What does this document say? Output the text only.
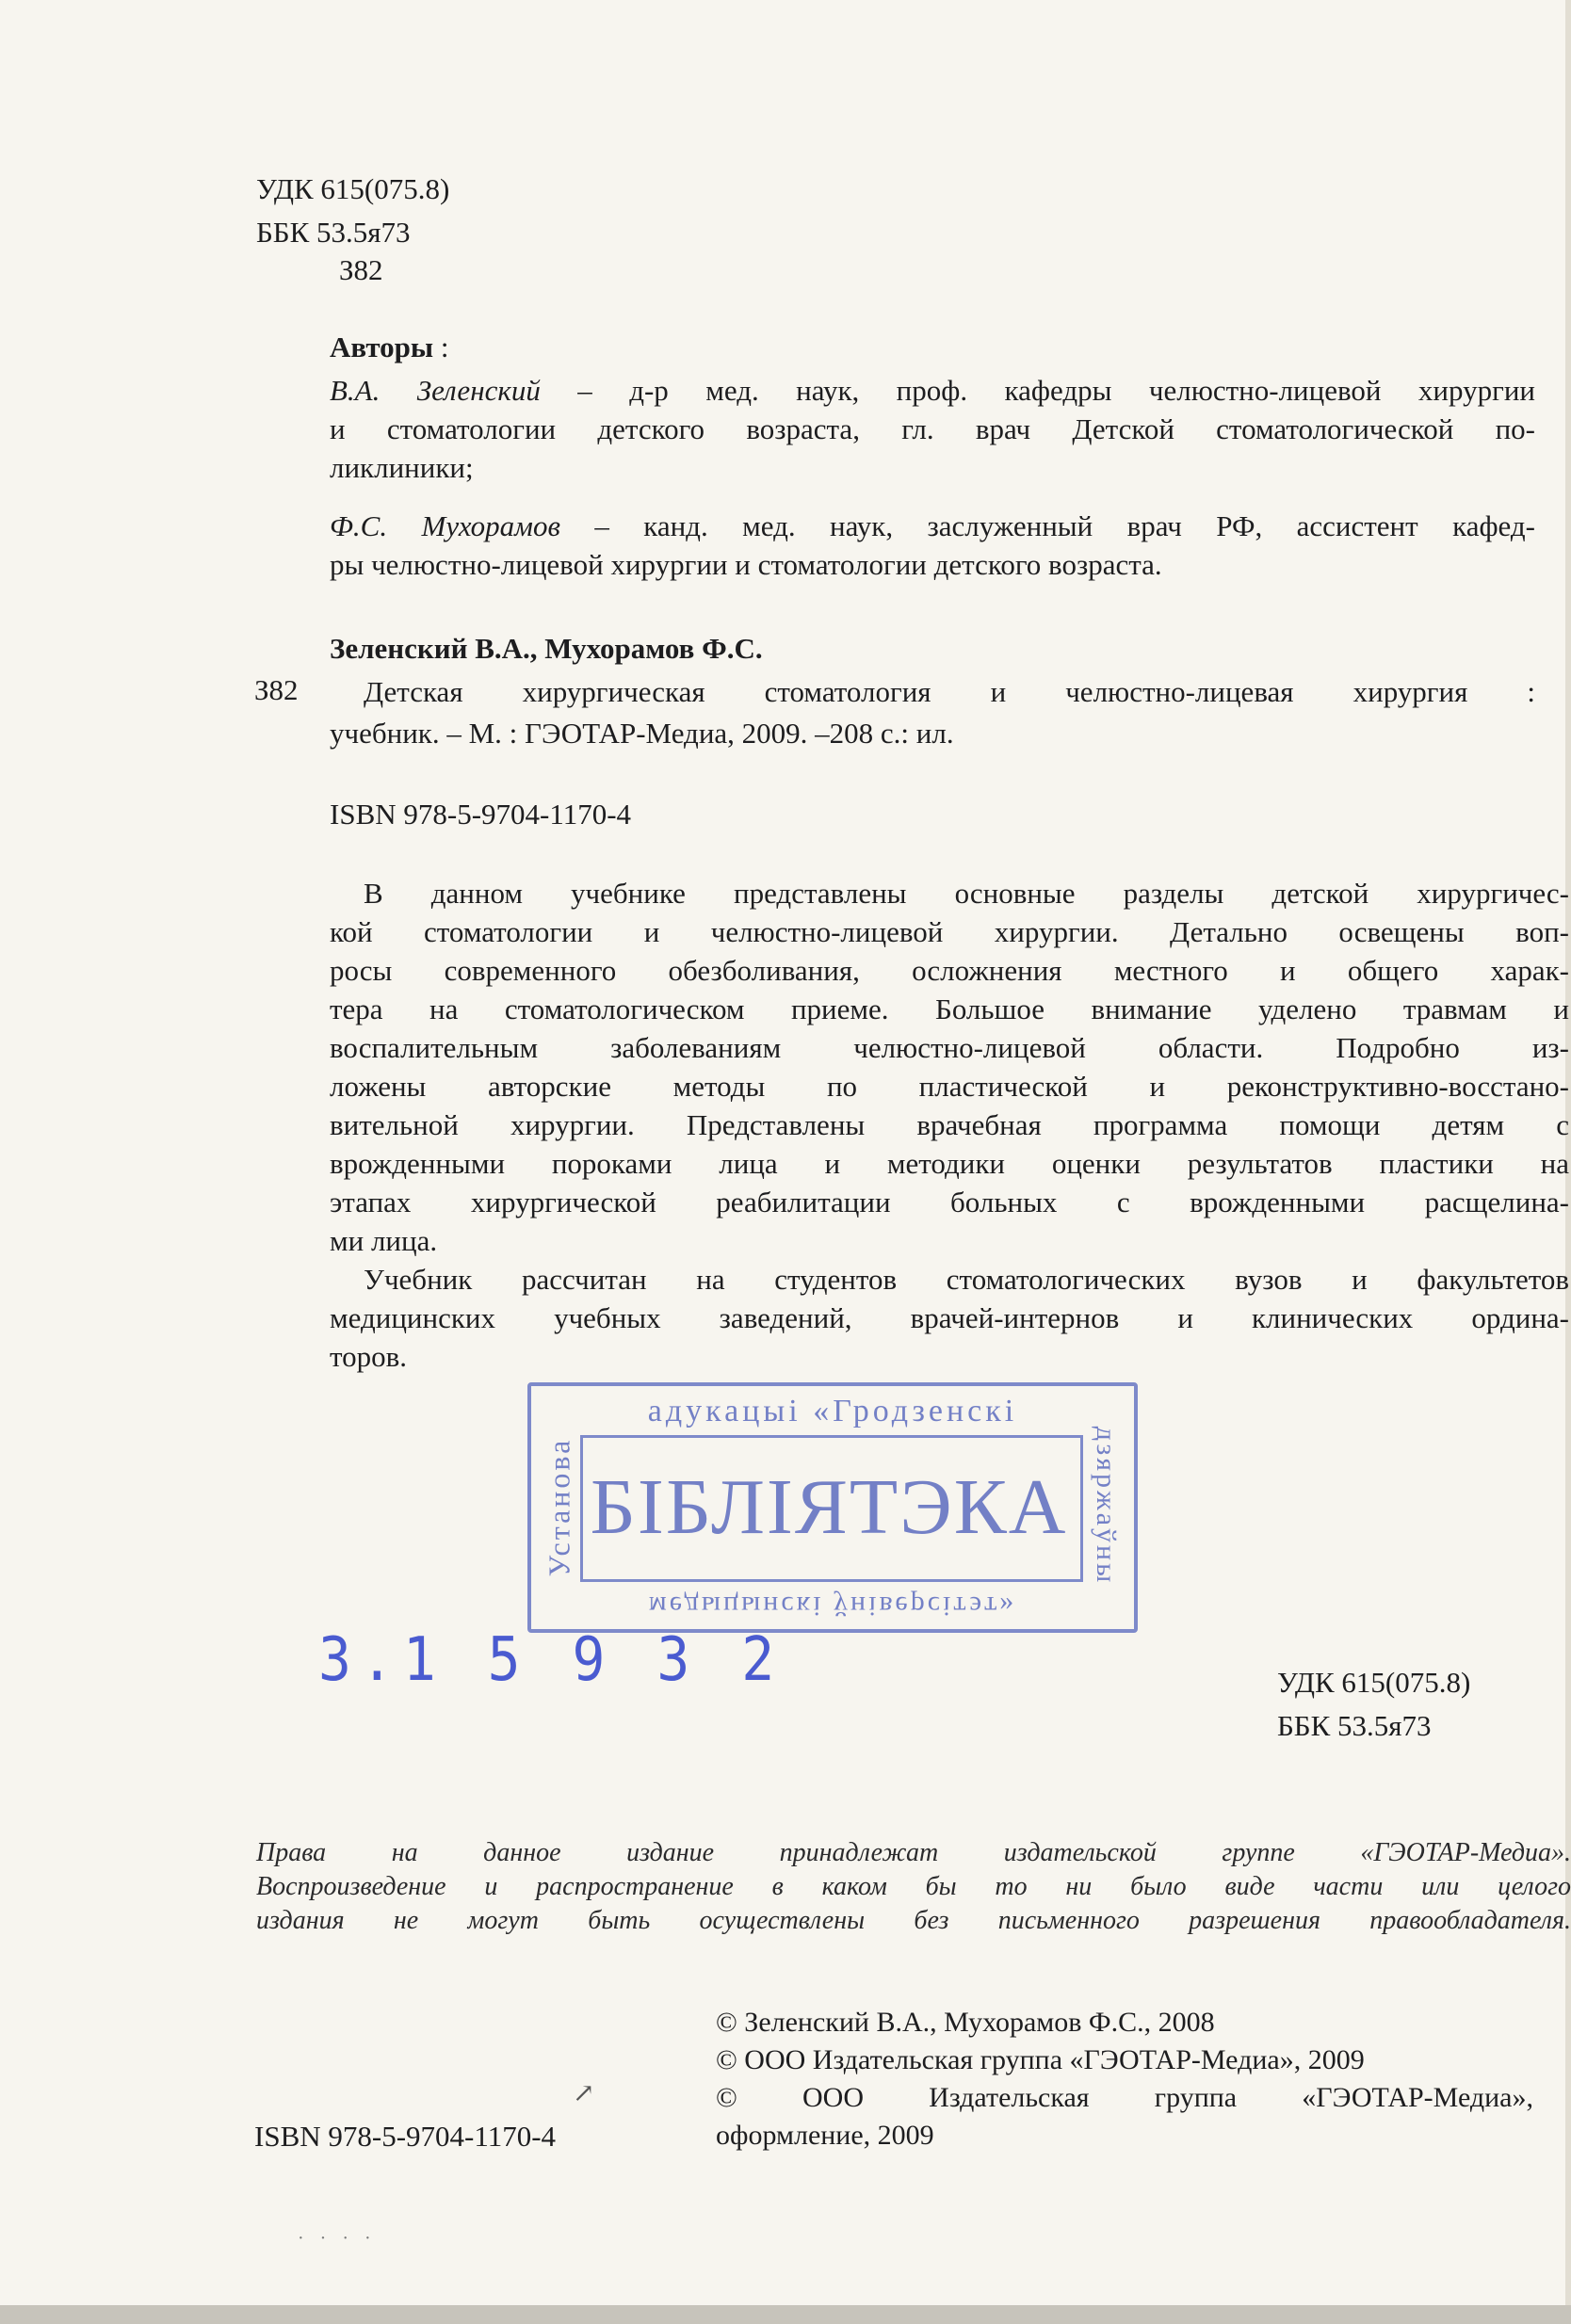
УДК 615(075.8)

ББК 53.5я73

З82

Авторы :

В.А. Зеленский – д-р мед. наук, проф. кафедры челюстно-лицевой хирургии
и стоматологии детского возраста, гл. врач Детской стоматологической по-
ликлиники;
Ф.С. Мухорамов – канд. мед. наук, заслуженный врач РФ, ассистент кафед-
ры челюстно-лицевой хирургии и стоматологии детского возраста.

Зеленский В.А., Мухорамов Ф.С.

З82 Детская хирургическая стоматология и челюстно-лицевая хирургия :
учебник. – М. : ГЭОТАР-Медиа, 2009. –208 с.: ил.

ISBN 978-5-9704-1170-4

В данном учебнике представлены основные разделы детской хирургичес-
кой стоматологии и челюстно-лицевой хирургии. Детально освещены воп-
росы современного обезболивания, осложнения местного и общего харак-
тера на стоматологическом приеме. Большое внимание уделено травмам и
воспалительным заболеваниям челюстно-лицевой области. Подробно из-
ложены авторские методы по пластической и реконструктивно-восстано-
вительной хирургии. Представлены врачебная программа помощи детям с
врожденными пороками лица и методики оценки результатов пластики на
этапах хирургической реабилитации больных с врожденными расщелина-
ми лица.
Учебник рассчитан на студентов стоматологических вузов и факультетов
медицинских учебных заведений, врачей-интернов и клинических ордина-
торов.
адукацыі «Гродзенскі
БІБЛІЯТЭКА
медыцынскі ўніверсітэт»
Установа	дзяржаўны
3.1 5 9 3 2	УДК 615(075.8)

ББК 53.5я73

Права на данное издание принадлежат издательской группе «ГЭОТАР-Медиа».
Воспроизведение и распространение в каком бы то ни было виде части или целого
издания не могут быть осуществлены без письменного разрешения правообладателя.
© Зеленский В.А., Мухорамов Ф.С., 2008
© ООО Издательская группа «ГЭОТАР-Медиа», 2009
© ООО Издательская группа «ГЭОТАР-Медиа»,
оформление, 2009

ISBN 978-5-9704-1170-4

↗
· · · ·
